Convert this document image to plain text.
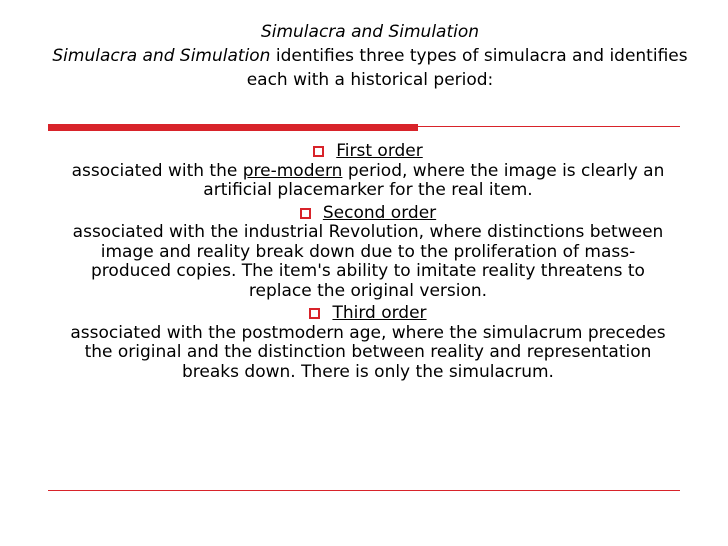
Simulacra and Simulation
Simulacra and Simulation identifies three types of simulacra and identifies each with a historical period:
First order
associated with the pre-modern period, where the image is clearly an artificial placemarker for the real item.
Second order
associated with the industrial Revolution, where distinctions between image and reality break down due to the proliferation of mass-produced copies. The item's ability to imitate reality threatens to replace the original version.
Third order
associated with the postmodern age, where the simulacrum precedes the original and the distinction between reality and representation breaks down. There is only the simulacrum.
